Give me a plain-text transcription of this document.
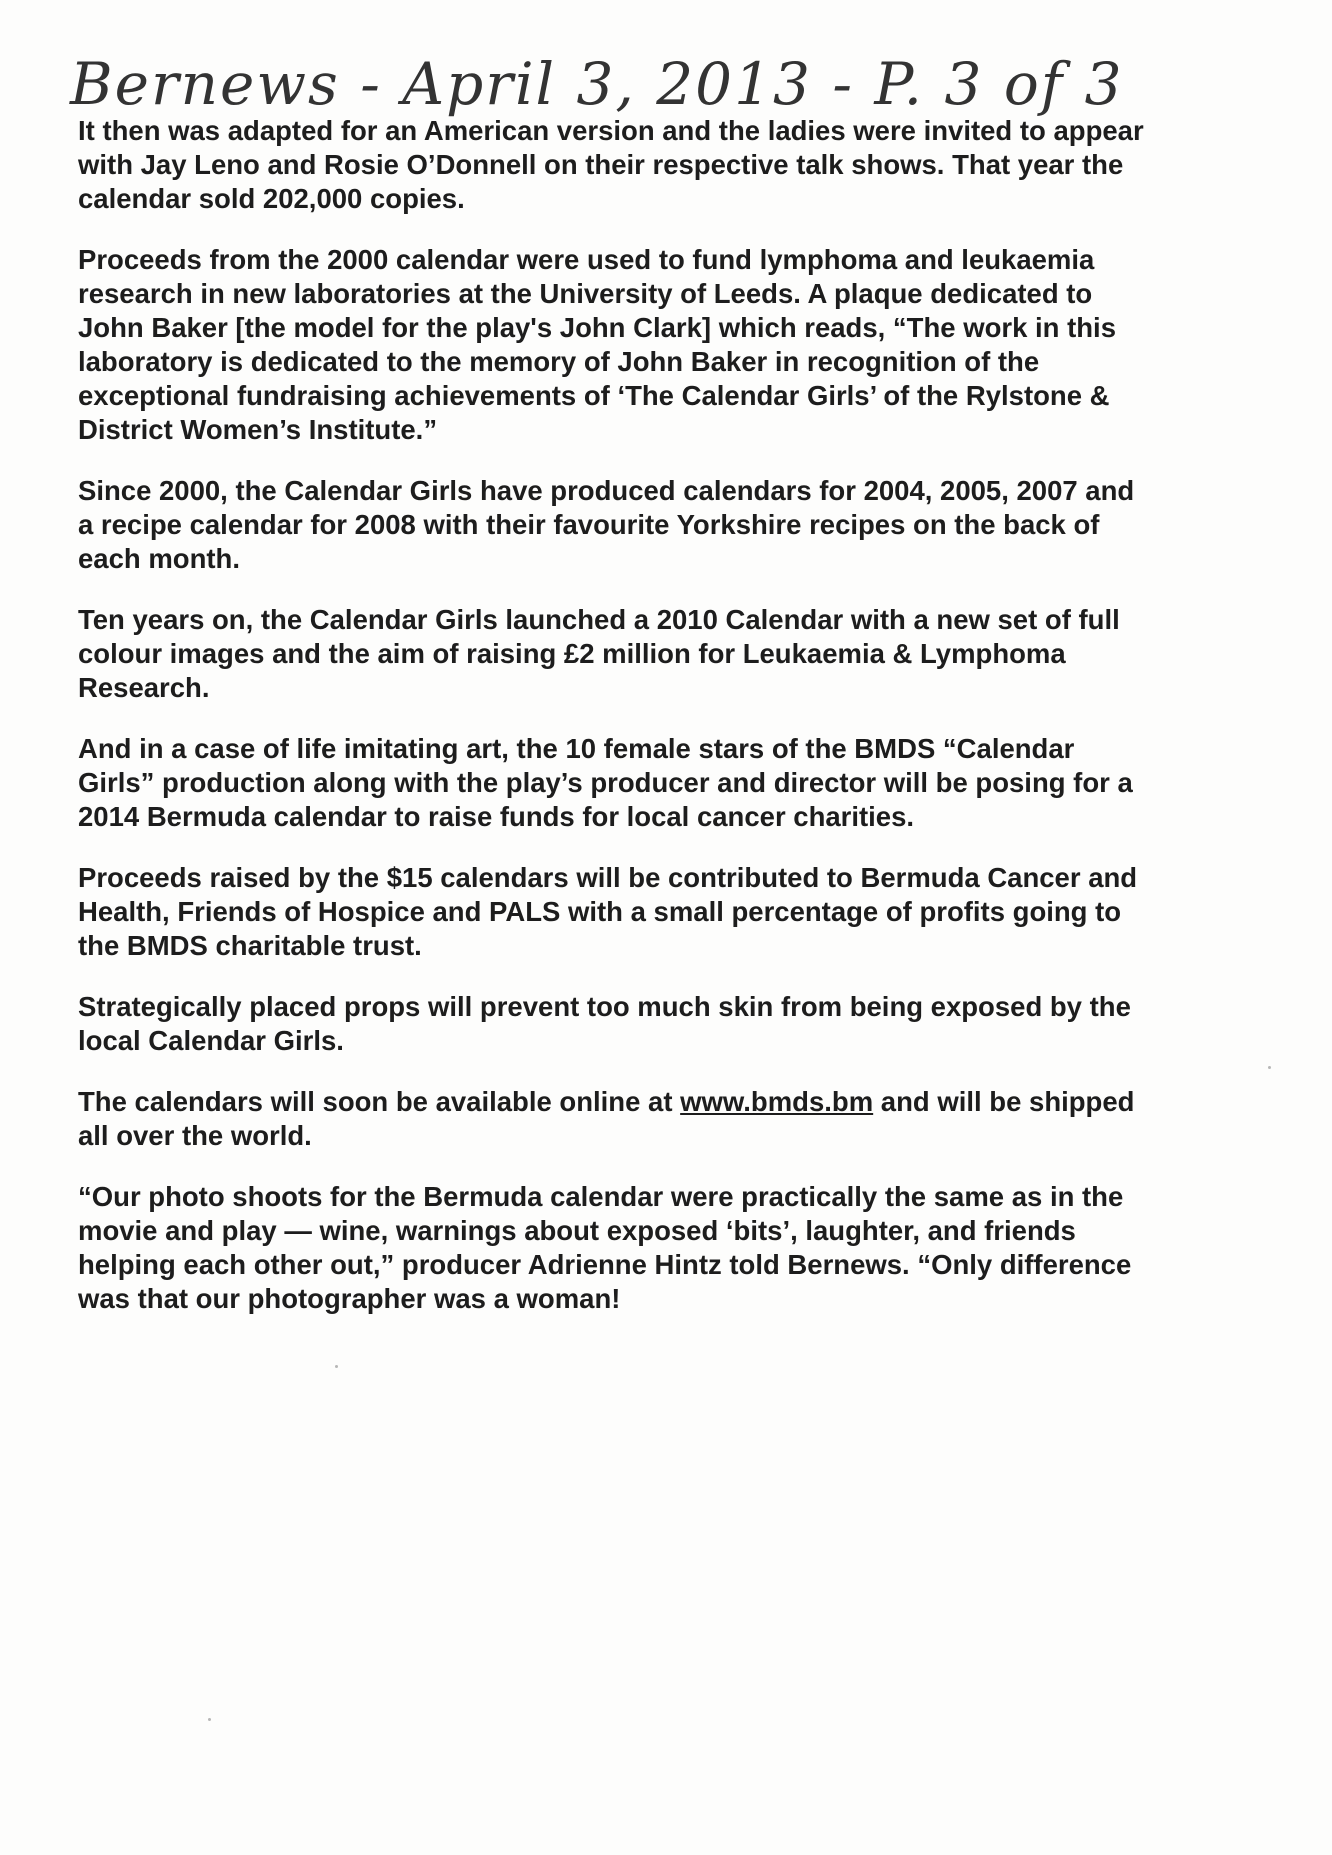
Bernews - April 3, 2013 - P. 3 of 3

It then was adapted for an American version and the ladies were invited to appear
with Jay Leno and Rosie O’Donnell on their respective talk shows. That year the
calendar sold 202,000 copies.

Proceeds from the 2000 calendar were used to fund lymphoma and leukaemia
research in new laboratories at the University of Leeds. A plaque dedicated to
John Baker [the model for the play's John Clark] which reads, “The work in this
laboratory is dedicated to the memory of John Baker in recognition of the
exceptional fundraising achievements of ‘The Calendar Girls’ of the Rylstone &
District Women’s Institute.”

Since 2000, the Calendar Girls have produced calendars for 2004, 2005, 2007 and
a recipe calendar for 2008 with their favourite Yorkshire recipes on the back of
each month.

Ten years on, the Calendar Girls launched a 2010 Calendar with a new set of full
colour images and the aim of raising £2 million for Leukaemia & Lymphoma
Research.

And in a case of life imitating art, the 10 female stars of the BMDS “Calendar
Girls” production along with the play’s producer and director will be posing for a
2014 Bermuda calendar to raise funds for local cancer charities.

Proceeds raised by the $15 calendars will be contributed to Bermuda Cancer and
Health, Friends of Hospice and PALS with a small percentage of profits going to
the BMDS charitable trust.

Strategically placed props will prevent too much skin from being exposed by the
local Calendar Girls.

The calendars will soon be available online at www.bmds.bm and will be shipped
all over the world.

“Our photo shoots for the Bermuda calendar were practically the same as in the
movie and play — wine, warnings about exposed ‘bits’, laughter, and friends
helping each other out,” producer Adrienne Hintz told Bernews. “Only difference
was that our photographer was a woman!
